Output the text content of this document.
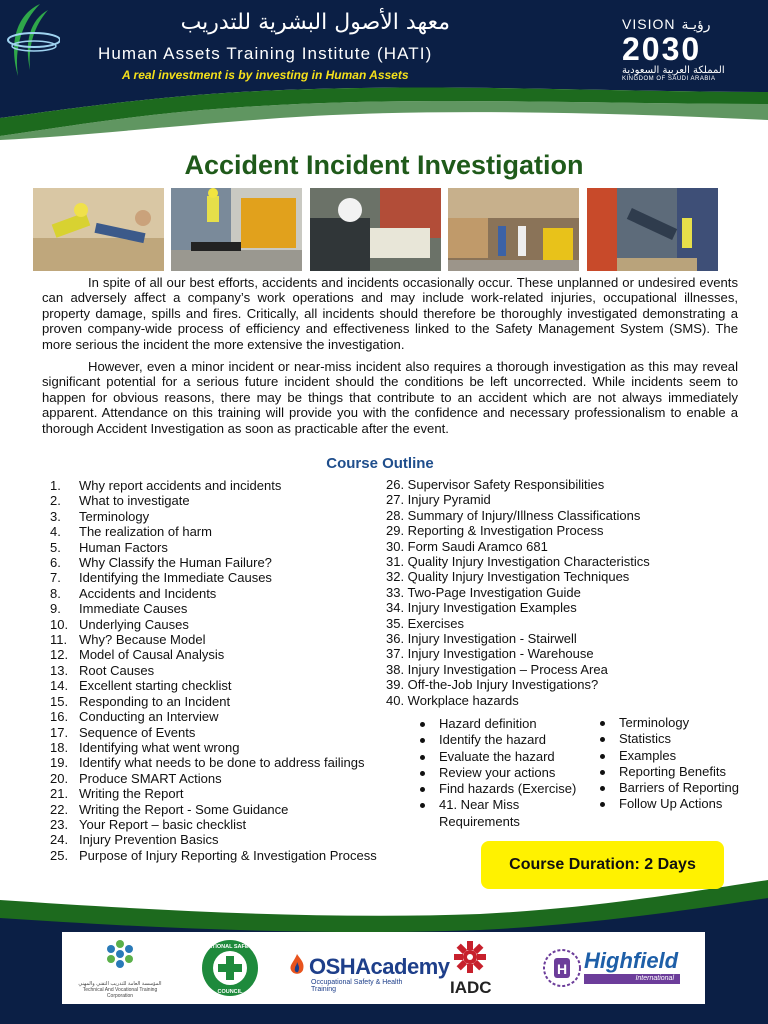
معهد الأصول البشرية للتدريب
Human Assets Training Institute (HATI)
A real investment is by investing in Human Assets
VISION رؤيـة
2030
المملكة العربية السعودية
KINGDOM OF SAUDI ARABIA
Accident Incident Investigation

In spite of all our best efforts, accidents and incidents occasionally occur. These unplanned or undesired events can adversely affect a company’s work operations and may include work-related injuries, occupational illnesses, property damage, spills and fires. Critically, all incidents should therefore be thoroughly investigated demonstrating a proven company-wide process of efficiency and effectiveness linked to the Safety Management System (SMS). The more serious the incident the more extensive the investigation.

However, even a minor incident or near-miss incident also requires a thorough investigation as this may reveal significant potential for a serious future incident should the conditions be left uncorrected. While incidents seem to happen for obvious reasons, there may be things that contribute to an accident which are not always immediately apparent. Attendance on this training will provide you with the confidence and necessary professionalism to enable a thorough Accident Investigation as soon as practicable after the event.

Course Outline
1. Why report accidents and incidents
2. What to investigate
3. Terminology
4. The realization of harm
5. Human Factors
6. Why Classify the Human Failure?
7. Identifying the Immediate Causes
8. Accidents and Incidents
9. Immediate Causes
10. Underlying Causes
11. Why? Because Model
12. Model of Causal Analysis
13. Root Causes
14. Excellent starting checklist
15. Responding to an Incident
16. Conducting an Interview
17. Sequence of Events
18. Identifying what went wrong
19. Identify what needs to be done to address failings
20. Produce SMART Actions
21. Writing the Report
22. Writing the Report - Some Guidance
23. Your Report – basic checklist
24. Injury Prevention Basics
25. Purpose of Injury Reporting & Investigation Process
26. Supervisor Safety Responsibilities
27. Injury Pyramid
28. Summary of Injury/Illness Classifications
29. Reporting & Investigation Process
30. Form Saudi Aramco 681
31. Quality Injury Investigation Characteristics
32. Quality Injury Investigation Techniques
33. Two-Page Investigation Guide
34. Injury Investigation Examples
35. Exercises
36. Injury Investigation - Stairwell
37. Injury Investigation - Warehouse
38. Injury Investigation – Process Area
39. Off-the-Job Injury Investigations?
40. Workplace hazards
Hazard definition
Identify the hazard
Evaluate the hazard
Review your actions
Find hazards (Exercise)
41. Near Miss
Requirements
Terminology
Statistics
Examples
Reporting Benefits
Barriers of Reporting
Follow Up Actions
Course Duration: 2 Days
المؤسسة العامة للتدريب التقني والمهني
Technical And Vocational Training Corporation
NATIONAL SAFETY
COUNCIL
OSHAcademy
Occupational Safety & Health Training	IADC
H Highfield
International
